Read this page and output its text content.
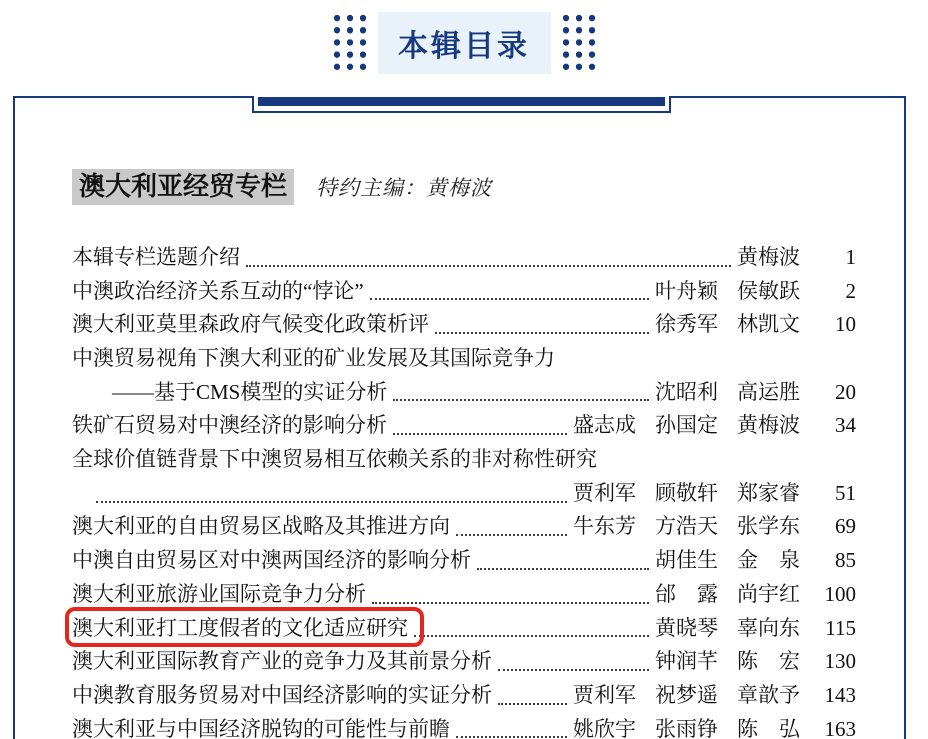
本辑目录
澳大利亚经贸专栏 特约主编：黄梅波
本辑专栏选题介绍	黄梅波	1
中澳政治经济关系互动的“悖论”	叶舟颖 侯敏跃	2
澳大利亚莫里森政府气候变化政策析评	徐秀军 林凯文	10
中澳贸易视角下澳大利亚的矿业发展及其国际竞争力
——基于CMS模型的实证分析	沈昭利 高运胜	20
铁矿石贸易对中澳经济的影响分析	盛志成 孙国定 黄梅波	34
全球价值链背景下中澳贸易相互依赖关系的非对称性研究
贾利军 顾敬轩 郑家睿	51
澳大利亚的自由贸易区战略及其推进方向	牛东芳 方浩天 张学东	69
中澳自由贸易区对中澳两国经济的影响分析	胡佳生 金　泉	85
澳大利亚旅游业国际竞争力分析	邰　露 尚宇红	100
澳大利亚打工度假者的文化适应研究	黄晓琴 辜向东	115
澳大利亚国际教育产业的竞争力及其前景分析	钟润芊 陈　宏	130
中澳教育服务贸易对中国经济影响的实证分析	贾利军 祝梦遥 章歆予	143
澳大利亚与中国经济脱钩的可能性与前瞻	姚欣宇 张雨铮 陈　弘	163
